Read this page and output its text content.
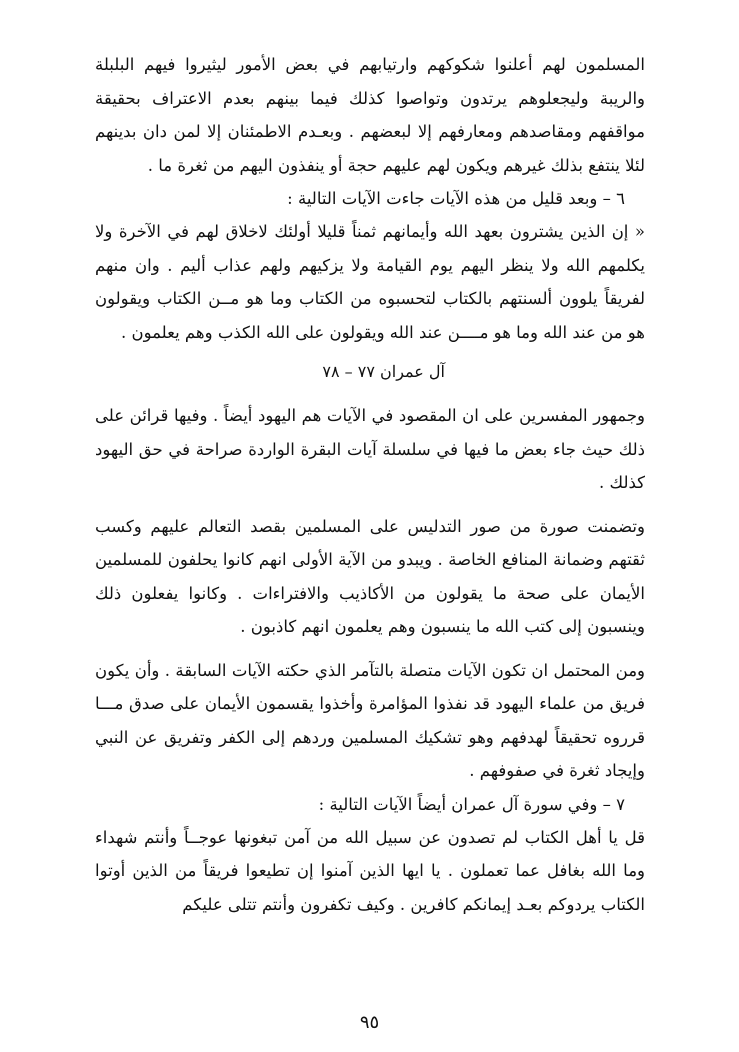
المسلمون لهم أعلنوا شكوكهم وارتيابهم في بعض الأمور ليثيروا فيهم البلبلة والريبة وليجعلوهم يرتدون وتواصوا كذلك فيما بينهم بعدم الاعتراف بحقيقة مواقفهم ومقاصدهم ومعارفهم إلا لبعضهم . وبعـدم الاطمئنان إلا لمن دان بدينهم لئلا ينتفع بذلك غيرهم ويكون لهم عليهم حجة أو ينفذون اليهم من ثغرة ما .

٦ – وبعد قليل من هذه الآيات جاءت الآيات التالية :

« إن الذين يشترون بعهد الله وأيمانهم ثمناً قليلا أولئك لاخلاق لهم في الآخرة ولا يكلمهم الله ولا ينظر اليهم يوم القيامة ولا يزكيهم ولهم عذاب أليم . وان منهم لفريقاً يلوون ألسنتهم بالكتاب لتحسبوه من الكتاب وما هو مــن الكتاب ويقولون هو من عند الله وما هو مــــن عند الله ويقولون على الله الكذب وهم يعلمون .

آل عمران ٧٧ – ٧٨

وجمهور المفسرين على ان المقصود في الآيات هم اليهود أيضاً . وفيها قرائن على ذلك حيث جاء بعض ما فيها في سلسلة آيات البقرة الواردة صراحة في حق اليهود كذلك .

وتضمنت صورة من صور التدليس على المسلمين بقصد التعالم عليهم وكسب ثقتهم وضمانة المنافع الخاصة . ويبدو من الآية الأولى انهم كانوا يحلفون للمسلمين الأيمان على صحة ما يقولون من الأكاذيب والافتراءات . وكانوا يفعلون ذلك وينسبون إلى كتب الله ما ينسبون وهم يعلمون انهم كاذبون .

ومن المحتمل ان تكون الآيات متصلة بالتآمر الذي حكته الآيات السابقة . وأن يكون فريق من علماء اليهود قد نفذوا المؤامرة وأخذوا يقسمون الأيمان على صدق مـــا قرروه تحقيقاً لهدفهم وهو تشكيك المسلمين وردهم إلى الكفر وتفريق عن النبي وإيجاد ثغرة في صفوفهم .

٧ – وفي سورة آل عمران أيضاً الآيات التالية :

قل يا أهل الكتاب لم تصدون عن سبيل الله من آمن تبغونها عوجــاً وأنتم شهداء وما الله بغافل عما تعملون . يا ايها الذين آمنوا إن تطيعوا فريقاً من الذين أوتوا الكتاب يردوكم بعـد إيمانكم كافرين . وكيف تكفرون وأنتم تتلى عليكم

٩٥
